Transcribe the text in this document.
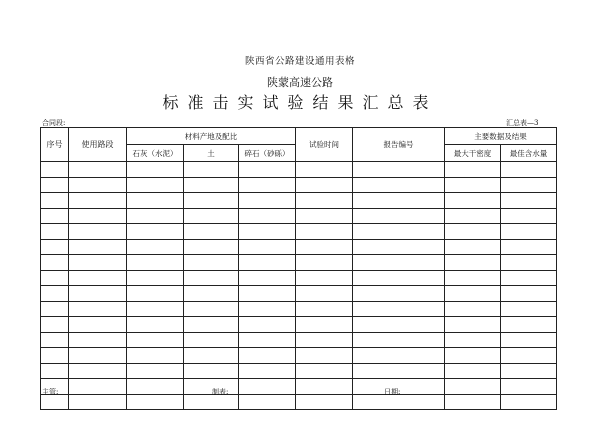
陕西省公路建设通用表格
陕蒙高速公路
标准击实试验结果汇总表
合同段:	汇总表—3
序号	使用路段	材料产地及配比			试验时间	报告编号	主要数据及结果	
		石灰（水泥）	土	碎石（砂砾）			最大干密度	最佳含水量

主管:	制表:	日期:
